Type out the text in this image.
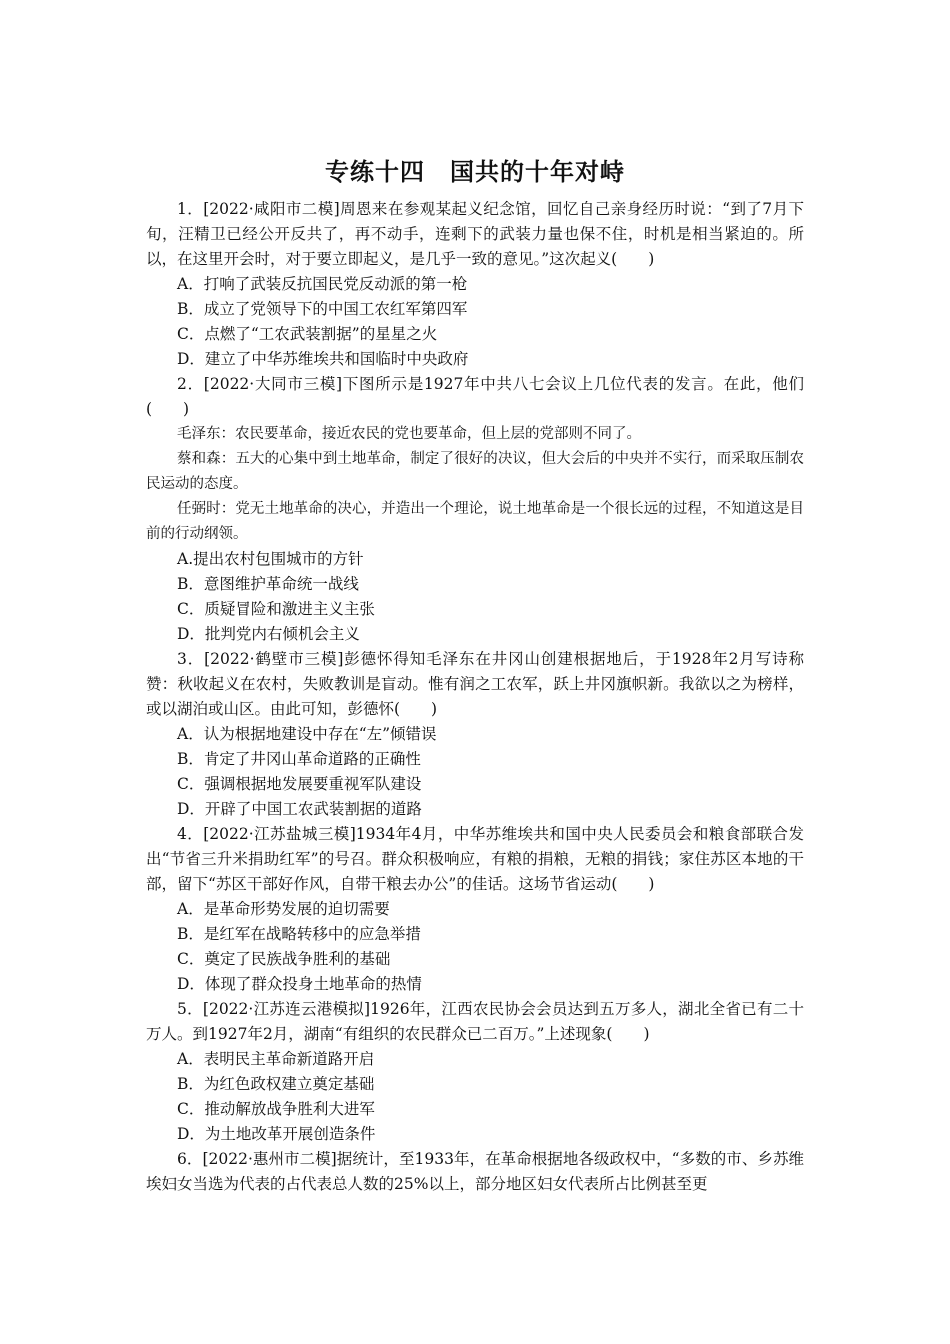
专练十四　国共的十年对峙
1．[2022·咸阳市二模]周恩来在参观某起义纪念馆，回忆自己亲身经历时说：“到了7月下旬，汪精卫已经公开反共了，再不动手，连剩下的武装力量也保不住，时机是相当紧迫的。所以，在这里开会时，对于要立即起义，是几乎一致的意见。”这次起义(　　)
A．打响了武装反抗国民党反动派的第一枪
B．成立了党领导下的中国工农红军第四军
C．点燃了“工农武装割据”的星星之火
D．建立了中华苏维埃共和国临时中央政府
2．[2022·大同市三模]下图所示是1927年中共八七会议上几位代表的发言。在此，他们(　　)
毛泽东：农民要革命，接近农民的党也要革命，但上层的党部则不同了。
蔡和森：五大的心集中到土地革命，制定了很好的决议，但大会后的中央并不实行，而采取压制农民运动的态度。
任弼时：党无土地革命的决心，并造出一个理论，说土地革命是一个很长远的过程，不知道这是目前的行动纲领。
A.提出农村包围城市的方针
B．意图维护革命统一战线
C．质疑冒险和激进主义主张
D．批判党内右倾机会主义
3．[2022·鹤壁市三模]彭德怀得知毛泽东在井冈山创建根据地后，于1928年2月写诗称赞：秋收起义在农村，失败教训是盲动。惟有润之工农军，跃上井冈旗帜新。我欲以之为榜样，或以湖泊或山区。由此可知，彭德怀(　　)
A．认为根据地建设中存在“左”倾错误
B．肯定了井冈山革命道路的正确性
C．强调根据地发展要重视军队建设
D．开辟了中国工农武装割据的道路
4．[2022·江苏盐城三模]1934年4月，中华苏维埃共和国中央人民委员会和粮食部联合发出“节省三升米捐助红军”的号召。群众积极响应，有粮的捐粮，无粮的捐钱；家住苏区本地的干部，留下“苏区干部好作风，自带干粮去办公”的佳话。这场节省运动(　　)
A．是革命形势发展的迫切需要
B．是红军在战略转移中的应急举措
C．奠定了民族战争胜利的基础
D．体现了群众投身土地革命的热情
5．[2022·江苏连云港模拟]1926年，江西农民协会会员达到五万多人，湖北全省已有二十万人。到1927年2月，湖南“有组织的农民群众已二百万。”上述现象(　　)
A．表明民主革命新道路开启
B．为红色政权建立奠定基础
C．推动解放战争胜利大进军
D．为土地改革开展创造条件
6．[2022·惠州市二模]据统计，至1933年，在革命根据地各级政权中，“多数的市、乡苏维埃妇女当选为代表的占代表总人数的25%以上，部分地区妇女代表所占比例甚至更
